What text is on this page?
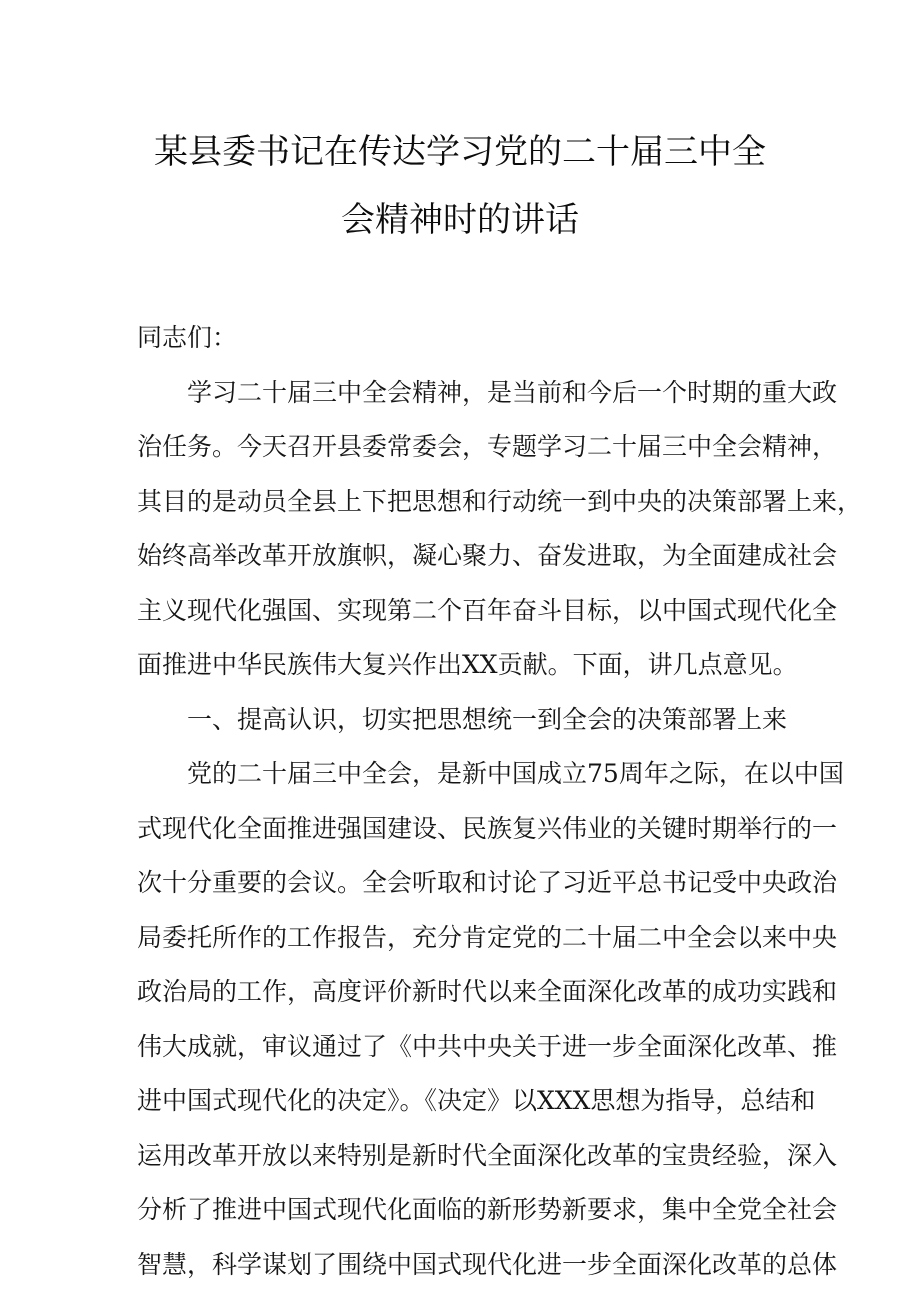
某县委书记在传达学习党的二十届三中全
会精神时的讲话
同志们：
　　学习二十届三中全会精神，是当前和今后一个时期的重大政
治任务。今天召开县委常委会，专题学习二十届三中全会精神，
其目的是动员全县上下把思想和行动统一到中央的决策部署上来，
始终高举改革开放旗帜，凝心聚力、奋发进取，为全面建成社会
主义现代化强国、实现第二个百年奋斗目标，以中国式现代化全
面推进中华民族伟大复兴作出XX贡献。下面，讲几点意见。
　　一、提高认识，切实把思想统一到全会的决策部署上来
　　党的二十届三中全会，是新中国成立75周年之际，在以中国
式现代化全面推进强国建设、民族复兴伟业的关键时期举行的一
次十分重要的会议。全会听取和讨论了习近平总书记受中央政治
局委托所作的工作报告，充分肯定党的二十届二中全会以来中央
政治局的工作，高度评价新时代以来全面深化改革的成功实践和
伟大成就，审议通过了《中共中央关于进一步全面深化改革、推
进中国式现代化的决定》。《决定》以XXX思想为指导，总结和
运用改革开放以来特别是新时代全面深化改革的宝贵经验，深入
分析了推进中国式现代化面临的新形势新要求，集中全党全社会
智慧，科学谋划了围绕中国式现代化进一步全面深化改革的总体
